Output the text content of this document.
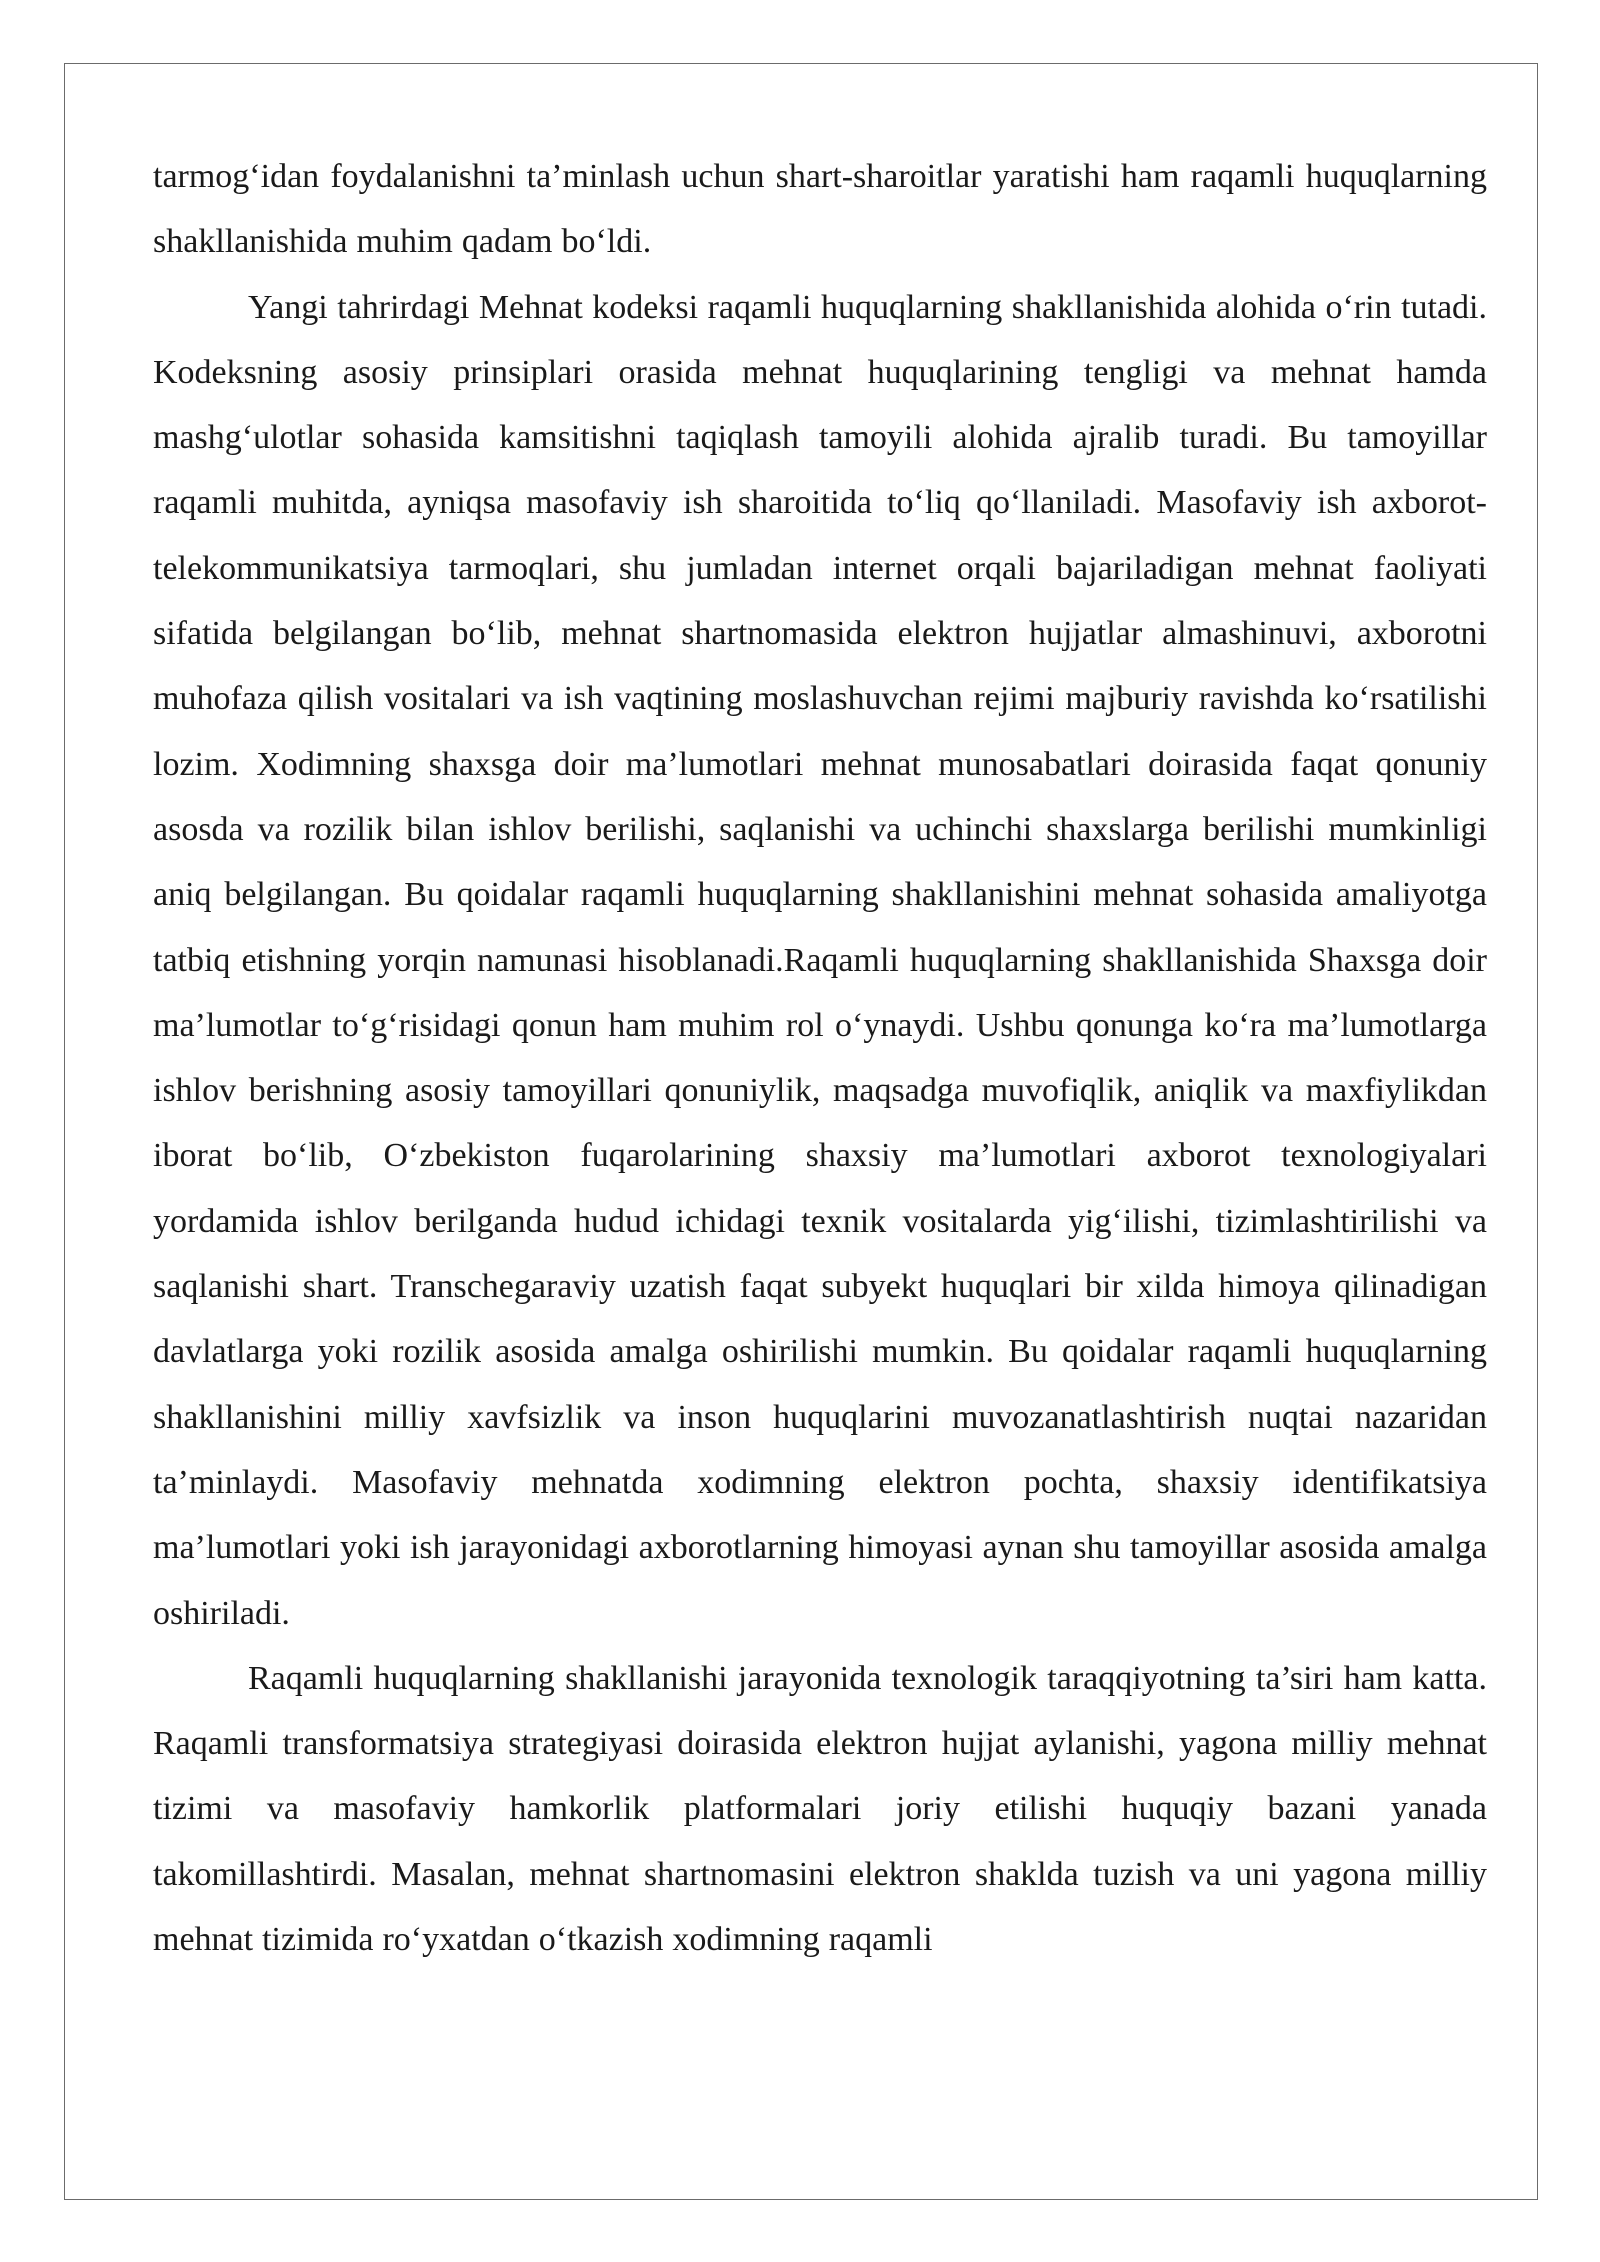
tarmog‘idan foydalanishni ta’minlash uchun shart-sharoitlar yaratishi ham raqamli huquqlarning shakllanishida muhim qadam bo‘ldi.

Yangi tahrirdagi Mehnat kodeksi raqamli huquqlarning shakllanishida alohida o‘rin tutadi. Kodeksning asosiy prinsiplari orasida mehnat huquqlarining tengligi va mehnat hamda mashg‘ulotlar sohasida kamsitishni taqiqlash tamoyili alohida ajralib turadi. Bu tamoyillar raqamli muhitda, ayniqsa masofaviy ish sharoitida to‘liq qo‘llaniladi. Masofaviy ish axborot-telekommunikatsiya tarmoqlari, shu jumladan internet orqali bajariladigan mehnat faoliyati sifatida belgilangan bo‘lib, mehnat shartnomasida elektron hujjatlar almashinuvi, axborotni muhofaza qilish vositalari va ish vaqtining moslashuvchan rejimi majburiy ravishda ko‘rsatilishi lozim. Xodimning shaxsga doir ma’lumotlari mehnat munosabatlari doirasida faqat qonuniy asosda va rozilik bilan ishlov berilishi, saqlanishi va uchinchi shaxslarga berilishi mumkinligi aniq belgilangan. Bu qoidalar raqamli huquqlarning shakllanishini mehnat sohasida amaliyotga tatbiq etishning yorqin namunasi hisoblanadi.Raqamli huquqlarning shakllanishida Shaxsga doir ma’lumotlar to‘g‘risidagi qonun ham muhim rol o‘ynaydi. Ushbu qonunga ko‘ra ma’lumotlarga ishlov berishning asosiy tamoyillari qonuniylik, maqsadga muvofiqlik, aniqlik va maxfiylikdan iborat bo‘lib, O‘zbekiston fuqarolarining shaxsiy ma’lumotlari axborot texnologiyalari yordamida ishlov berilganda hudud ichidagi texnik vositalarda yig‘ilishi, tizimlashtirilishi va saqlanishi shart. Transchegaraviy uzatish faqat subyekt huquqlari bir xilda himoya qilinadigan davlatlarga yoki rozilik asosida amalga oshirilishi mumkin. Bu qoidalar raqamli huquqlarning shakllanishini milliy xavfsizlik va inson huquqlarini muvozanatlashtirish nuqtai nazaridan ta’minlaydi. Masofaviy mehnatda xodimning elektron pochta, shaxsiy identifikatsiya ma’lumotlari yoki ish jarayonidagi axborotlarning himoyasi aynan shu tamoyillar asosida amalga oshiriladi.

Raqamli huquqlarning shakllanishi jarayonida texnologik taraqqiyotning ta’siri ham katta. Raqamli transformatsiya strategiyasi doirasida elektron hujjat aylanishi, yagona milliy mehnat tizimi va masofaviy hamkorlik platformalari joriy etilishi huquqiy bazani yanada takomillashtirdi. Masalan, mehnat shartnomasini elektron shaklda tuzish va uni yagona milliy mehnat tizimida ro‘yxatdan o‘tkazish xodimning raqamli
